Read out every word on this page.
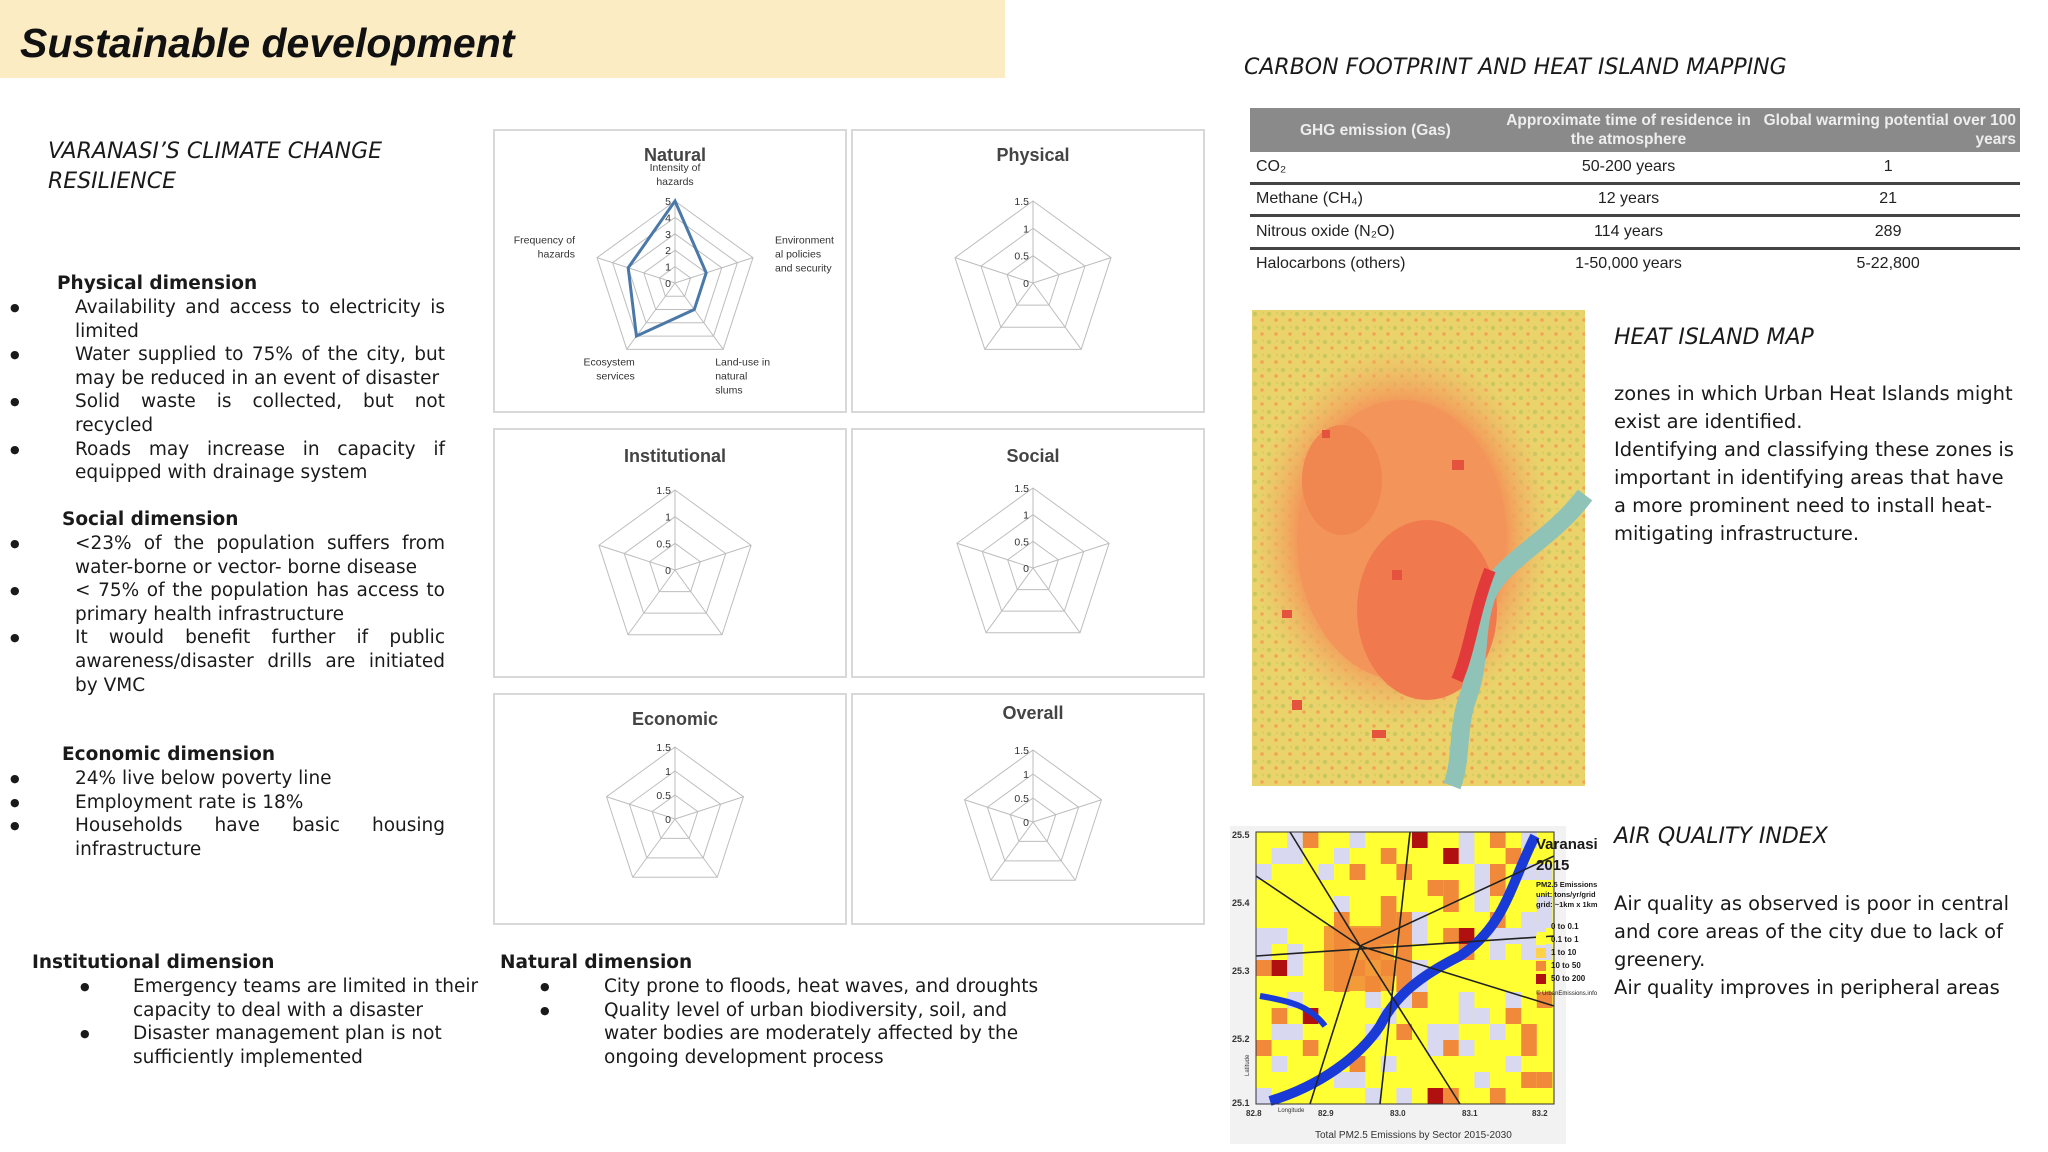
Sustainable development
VARANASI’S CLIMATE CHANGE RESILIENCE
Physical dimension
● Availability and access to electricity is limited
● Water supplied to 75% of the city, but may be reduced in an event of disaster
● Solid waste is collected, but not recycled
● Roads may increase in capacity if equipped with drainage system
Social dimension
● <23% of the population suffers from water-borne or vector- borne disease
● < 75% of the population has access to primary health infrastructure
● It would benefit further if public awareness/disaster drills are initiated by VMC
Economic dimension
● 24% live below poverty line
● Employment rate is 18%
● Households have basic housing infrastructure
Institutional dimension
● Emergency teams are limited in their capacity to deal with a disaster
● Disaster management plan is not sufficiently implemented
Natural dimension
● City prone to floods, heat waves, and droughts
● Quality level of urban biodiversity, soil, and water bodies are moderately affected by the ongoing development process
Natural
5
4
3
2
1
0
Intensity of hazards
Environment al policies and security
Land-use in natural slums
Ecosystem services
Frequency of hazards
Physical
1.5
1
0.5
0
Institutional
1.5
1
0.5
0
Social
1.5
1
0.5
0
Economic
1.5
1
0.5
0
Overall
1.5
1
0.5
0
CARBON FOOTPRINT AND HEAT ISLAND MAPPING
GHG emission (Gas)	Approximate time of residence in the atmosphere	Global warming potential over 100 years
CO₂	50-200 years	1
Methane (CH₄)	12 years	21
Nitrous oxide (N₂O)	114 years	289
Halocarbons (others)	1-50,000 years	5-22,800
HEAT ISLAND MAP
zones in which Urban Heat Islands might exist are identified.
Identifying and classifying these zones is important in identifying areas that have a more prominent need to install heat-mitigating infrastructure.
25.5
25.4
25.3
25.2
25.1
82.8	82.9	83.0	83.1	83.2
Longitude
Latitude
Total PM2.5 Emissions by Sector 2015-2030
Varanasi
2015
PM2.5 Emissions
unit: tons/yr/grid
grid: ~1km x 1km
0 to 0.1
0.1 to 1
1 to 10
10 to 50
50 to 200
© UrbanEmissions.info
AIR QUALITY INDEX
Air quality as observed is poor in central and core areas of the city due to lack of greenery.
Air quality improves in peripheral areas
